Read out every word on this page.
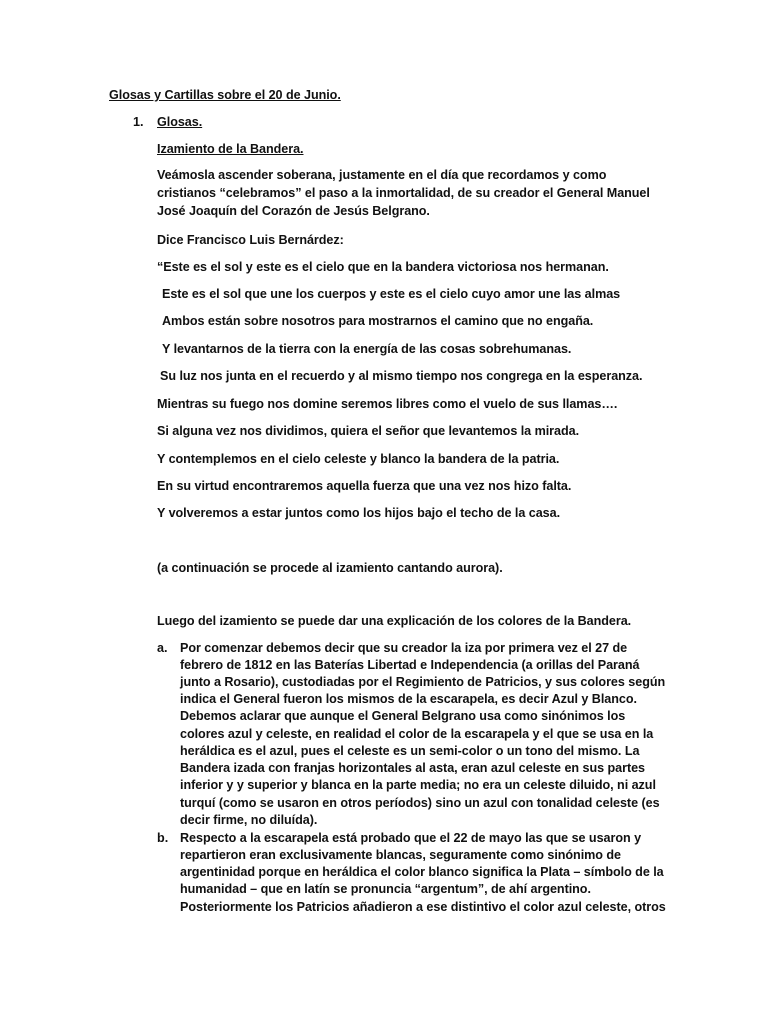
Glosas y Cartillas sobre el 20 de Junio.
1. Glosas.
Izamiento de la Bandera.
Veámosla ascender soberana, justamente en el día que recordamos y como
cristianos “celebramos” el paso a la inmortalidad, de su creador el General Manuel
José Joaquín del Corazón de Jesús Belgrano.
Dice Francisco Luis Bernárdez:
“Este es el sol y este es el cielo que en la bandera victoriosa nos hermanan.
Este es el sol que une los cuerpos y este es el cielo cuyo amor une las almas
Ambos están sobre nosotros para mostrarnos el camino que no engaña.
Y levantarnos de la tierra con la energía de las cosas sobrehumanas.
Su luz nos junta en el recuerdo y al mismo tiempo nos congrega en la esperanza.
Mientras su fuego nos domine seremos libres como el vuelo de sus llamas….
Si alguna vez nos dividimos, quiera el señor que levantemos la mirada.
Y contemplemos en el cielo celeste y blanco la bandera de la patria.
En su virtud encontraremos aquella fuerza que una vez nos hizo falta.
Y volveremos a estar juntos como los hijos bajo el techo de la casa.
(a continuación se procede al izamiento cantando aurora).
Luego del izamiento se puede dar una explicación de los colores de la Bandera.
a. Por comenzar debemos decir que su creador la iza por primera vez el 27 de
febrero de 1812 en las Baterías Libertad e Independencia (a orillas del Paraná
junto a Rosario), custodiadas por el Regimiento de Patricios, y sus colores según
indica el General fueron los mismos de la escarapela, es decir Azul y Blanco.
Debemos aclarar que aunque el General Belgrano usa como sinónimos los
colores azul y celeste, en realidad el color de la escarapela y el que se usa en la
heráldica es el azul, pues el celeste es un semi-color o un tono del mismo. La
Bandera izada con franjas horizontales al asta, eran azul celeste en sus partes
inferior y y superior y blanca en la parte media; no era un celeste diluido, ni azul
turquí (como se usaron en otros períodos) sino un azul con tonalidad celeste (es
decir firme, no diluída).
b. Respecto a la escarapela está probado que el 22 de mayo las que se usaron y
repartieron eran exclusivamente blancas, seguramente como sinónimo de
argentinidad porque en heráldica el color blanco significa la Plata – símbolo de la
humanidad – que en latín se pronuncia “argentum”, de ahí argentino.
Posteriormente los Patricios añadieron a ese distintivo el color azul celeste, otros
